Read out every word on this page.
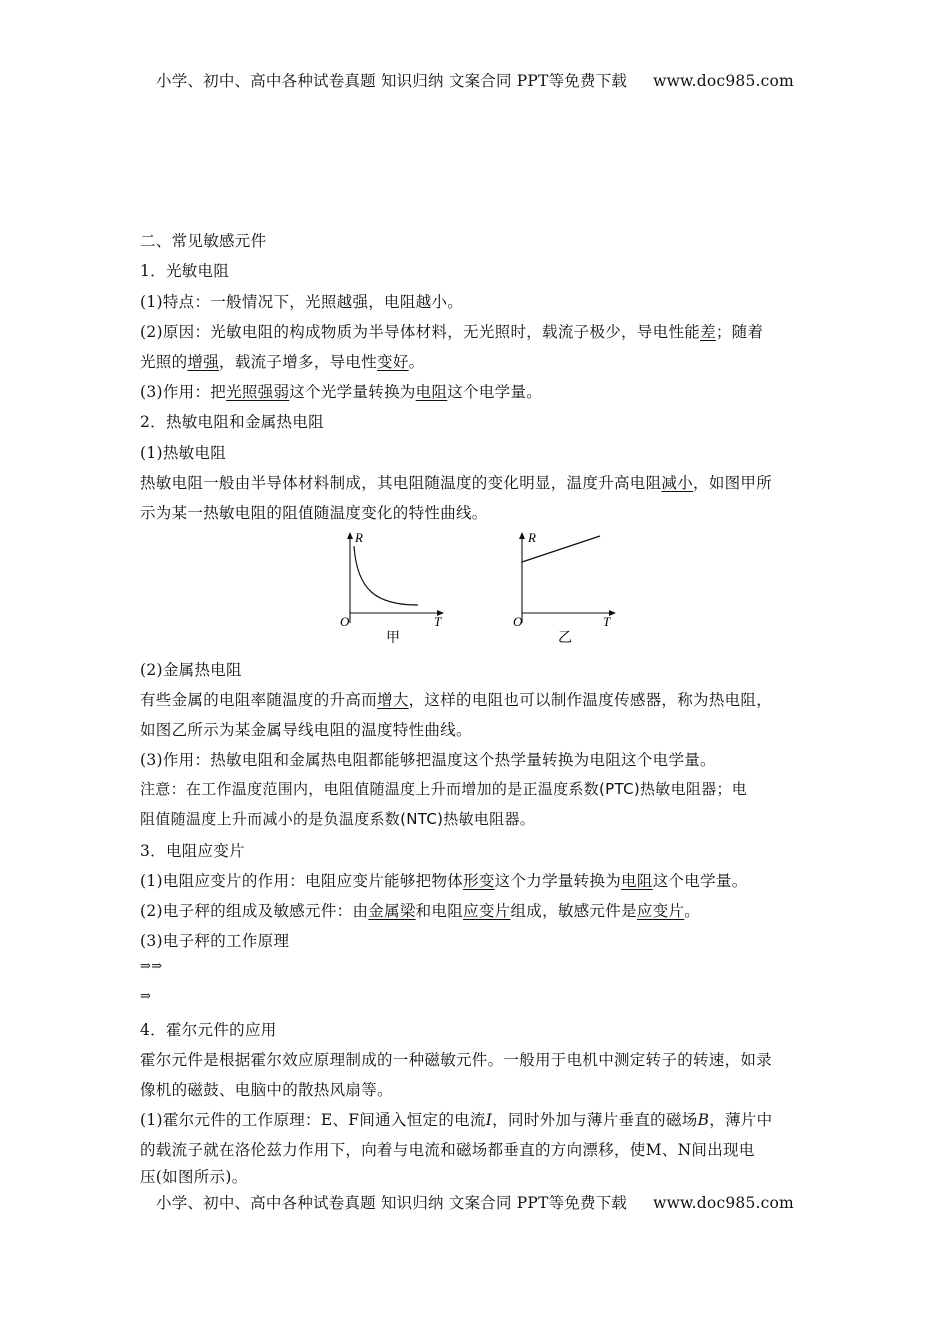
小学、初中、高中各种试卷真题 知识归纳 文案合同 PPT等免费下载 www.doc985.com
二、常见敏感元件
1．光敏电阻
(1)特点：一般情况下，光照越强，电阻越小。
(2)原因：光敏电阻的构成物质为半导体材料，无光照时，载流子极少，导电性能差；随着
光照的增强，载流子增多，导电性变好。
(3)作用：把光照强弱这个光学量转换为电阻这个电学量。
2．热敏电阻和金属热电阻
(1)热敏电阻
热敏电阻一般由半导体材料制成，其电阻随温度的变化明显，温度升高电阻减小，如图甲所
示为某一热敏电阻的阻值随温度变化的特性曲线。
R
T
O
甲
R
T
O
乙
(2)金属热电阻
有些金属的电阻率随温度的升高而增大，这样的电阻也可以制作温度传感器，称为热电阻，
如图乙所示为某金属导线电阻的温度特性曲线。
(3)作用：热敏电阻和金属热电阻都能够把温度这个热学量转换为电阻这个电学量。
注意：在工作温度范围内，电阻值随温度上升而增加的是正温度系数(PTC)热敏电阻器；电
阻值随温度上升而减小的是负温度系数(NTC)热敏电阻器。
3．电阻应变片
(1)电阻应变片的作用：电阻应变片能够把物体形变这个力学量转换为电阻这个电学量。
(2)电子秤的组成及敏感元件：由金属梁和电阻应变片组成，敏感元件是应变片。
(3)电子秤的工作原理
⇒⇒
⇒
4．霍尔元件的应用
霍尔元件是根据霍尔效应原理制成的一种磁敏元件。一般用于电机中测定转子的转速，如录
像机的磁鼓、电脑中的散热风扇等。
(1)霍尔元件的工作原理：E、F间通入恒定的电流I，同时外加与薄片垂直的磁场B，薄片中
的载流子就在洛伦兹力作用下，向着与电流和磁场都垂直的方向漂移，使M、N间出现电
压(如图所示)。
小学、初中、高中各种试卷真题 知识归纳 文案合同 PPT等免费下载 www.doc985.com
